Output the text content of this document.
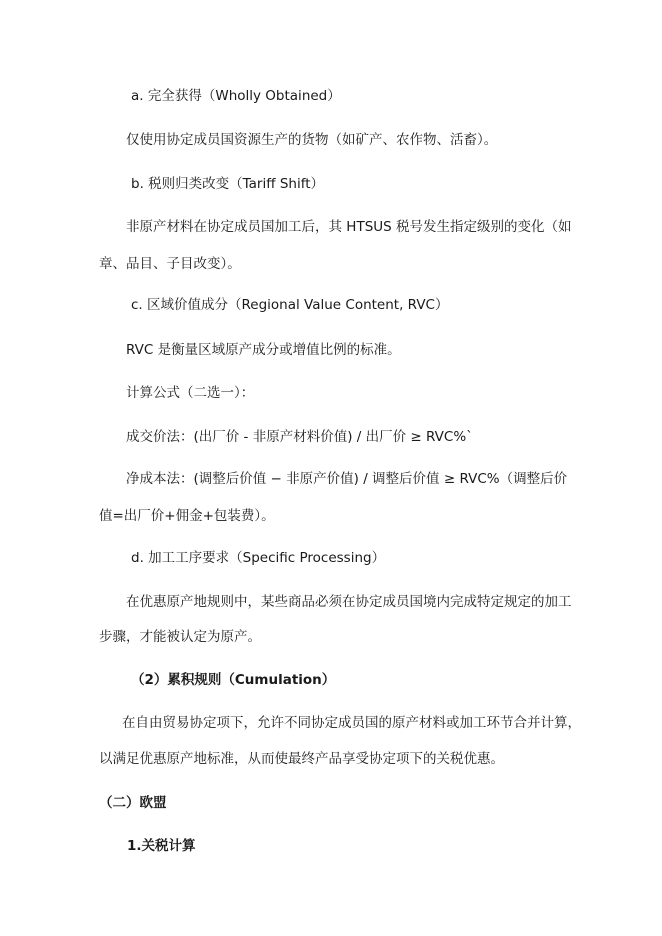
a. 完全获得（Wholly Obtained）
仅使用协定成员国资源生产的货物（如矿产、农作物、活畜）。
b. 税则归类改变（Tariff Shift）
非原产材料在协定成员国加工后，其 HTSUS 税号发生指定级别的变化（如
章、品目、子目改变）。
c. 区域价值成分（Regional Value Content, RVC）
RVC 是衡量区域原产成分或增值比例的标准。
计算公式（二选一）：
成交价法：(出厂价 - 非原产材料价值) / 出厂价 ≥ RVC%`
净成本法：(调整后价值 − 非原产价值) / 调整后价值 ≥ RVC%（调整后价
值=出厂价+佣金+包装费）。
d. 加工工序要求（Specific Processing）
在优惠原产地规则中，某些商品必须在协定成员国境内完成特定规定的加工
步骤，才能被认定为原产。
（2）累积规则（Cumulation）
在自由贸易协定项下，允许不同协定成员国的原产材料或加工环节合并计算，
以满足优惠原产地标准，从而使最终产品享受协定项下的关税优惠。
（二）欧盟
1.关税计算
